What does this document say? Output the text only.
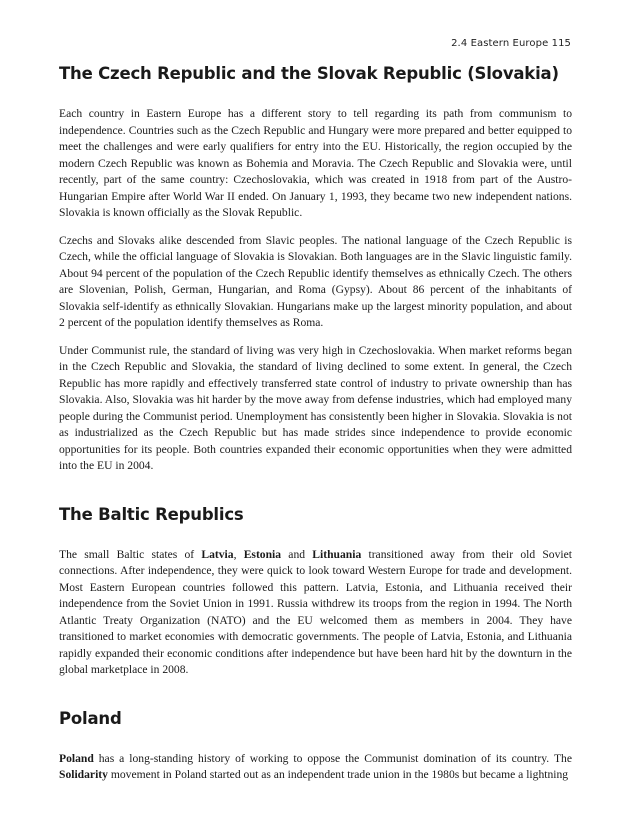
2.4 Eastern Europe 115
The Czech Republic and the Slovak Republic (Slovakia)

Each country in Eastern Europe has a different story to tell regarding its path from communism to independence. Countries such as the Czech Republic and Hungary were more prepared and better equipped to meet the challenges and were early qualifiers for entry into the EU. Historically, the region occupied by the modern Czech Republic was known as Bohemia and Moravia. The Czech Republic and Slovakia were, until recently, part of the same country: Czechoslovakia, which was created in 1918 from part of the Austro-Hungarian Empire after World War II ended. On January 1, 1993, they became two new independent nations. Slovakia is known officially as the Slovak Republic.

Czechs and Slovaks alike descended from Slavic peoples. The national language of the Czech Republic is Czech, while the official language of Slovakia is Slovakian. Both languages are in the Slavic linguistic family. About 94 percent of the population of the Czech Republic identify themselves as ethnically Czech. The others are Slovenian, Polish, German, Hungarian, and Roma (Gypsy). About 86 percent of the inhabitants of Slovakia self-identify as ethnically Slovakian. Hungarians make up the largest minority population, and about 2 percent of the population identify themselves as Roma.

Under Communist rule, the standard of living was very high in Czechoslovakia. When market reforms began in the Czech Republic and Slovakia, the standard of living declined to some extent. In general, the Czech Republic has more rapidly and effectively transferred state control of industry to private ownership than has Slovakia. Also, Slovakia was hit harder by the move away from defense industries, which had employed many people during the Communist period. Unemployment has consistently been higher in Slovakia. Slovakia is not as industrialized as the Czech Republic but has made strides since independence to provide economic opportunities for its people. Both countries expanded their economic opportunities when they were admitted into the EU in 2004.

The Baltic Republics

The small Baltic states of Latvia, Estonia and Lithuania transitioned away from their old Soviet connections. After independence, they were quick to look toward Western Europe for trade and development. Most Eastern European countries followed this pattern. Latvia, Estonia, and Lithuania received their independence from the Soviet Union in 1991. Russia withdrew its troops from the region in 1994. The North Atlantic Treaty Organization (NATO) and the EU welcomed them as members in 2004. They have transitioned to market economies with democratic governments. The people of Latvia, Estonia, and Lithuania rapidly expanded their economic conditions after independence but have been hard hit by the downturn in the global marketplace in 2008.

Poland

Poland has a long-standing history of working to oppose the Communist domination of its country. The Solidarity movement in Poland started out as an independent trade union in the 1980s but became a lightning
